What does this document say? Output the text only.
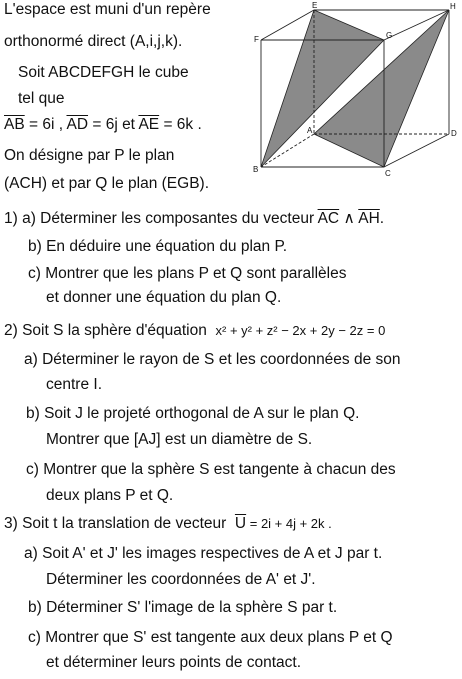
L'espace est muni d'un repère
orthonormé direct (A,i,j,k).
Soit ABCDEFGH le cube
tel que
$\overline{AB} = 6i$ , $\overline{AD} = 6j$ et $\overline{AE} = 6k$ .
On désigne par P le plan
(ACH) et par Q le plan (EGB).
E	H
F	G
A	D
B	C
1) a) Déterminer les composantes du vecteur $\overline{AC}$ ∧ $\overline{AH}$.
b) En déduire une équation du plan P.
c) Montrer que les plans P et Q sont parallèles
et donner une équation du plan Q.
2) Soit S la sphère d'équation x² + y² + z² − 2x + 2y − 2z = 0
a) Déterminer le rayon de S et les coordonnées de son
centre I.
b) Soit J le projeté orthogonal de A sur le plan Q.
Montrer que [AJ] est un diamètre de S.
c) Montrer que la sphère S est tangente à chacun des
deux plans P et Q.
3) Soit t la translation de vecteur $\overline{U} = 2i + 4j + 2k$ .
a) Soit A' et J' les images respectives de A et J par t.
Déterminer les coordonnées de A' et J'.
b) Déterminer S' l'image de la sphère S par t.
c) Montrer que S' est tangente aux deux plans P et Q
et déterminer leurs points de contact.
